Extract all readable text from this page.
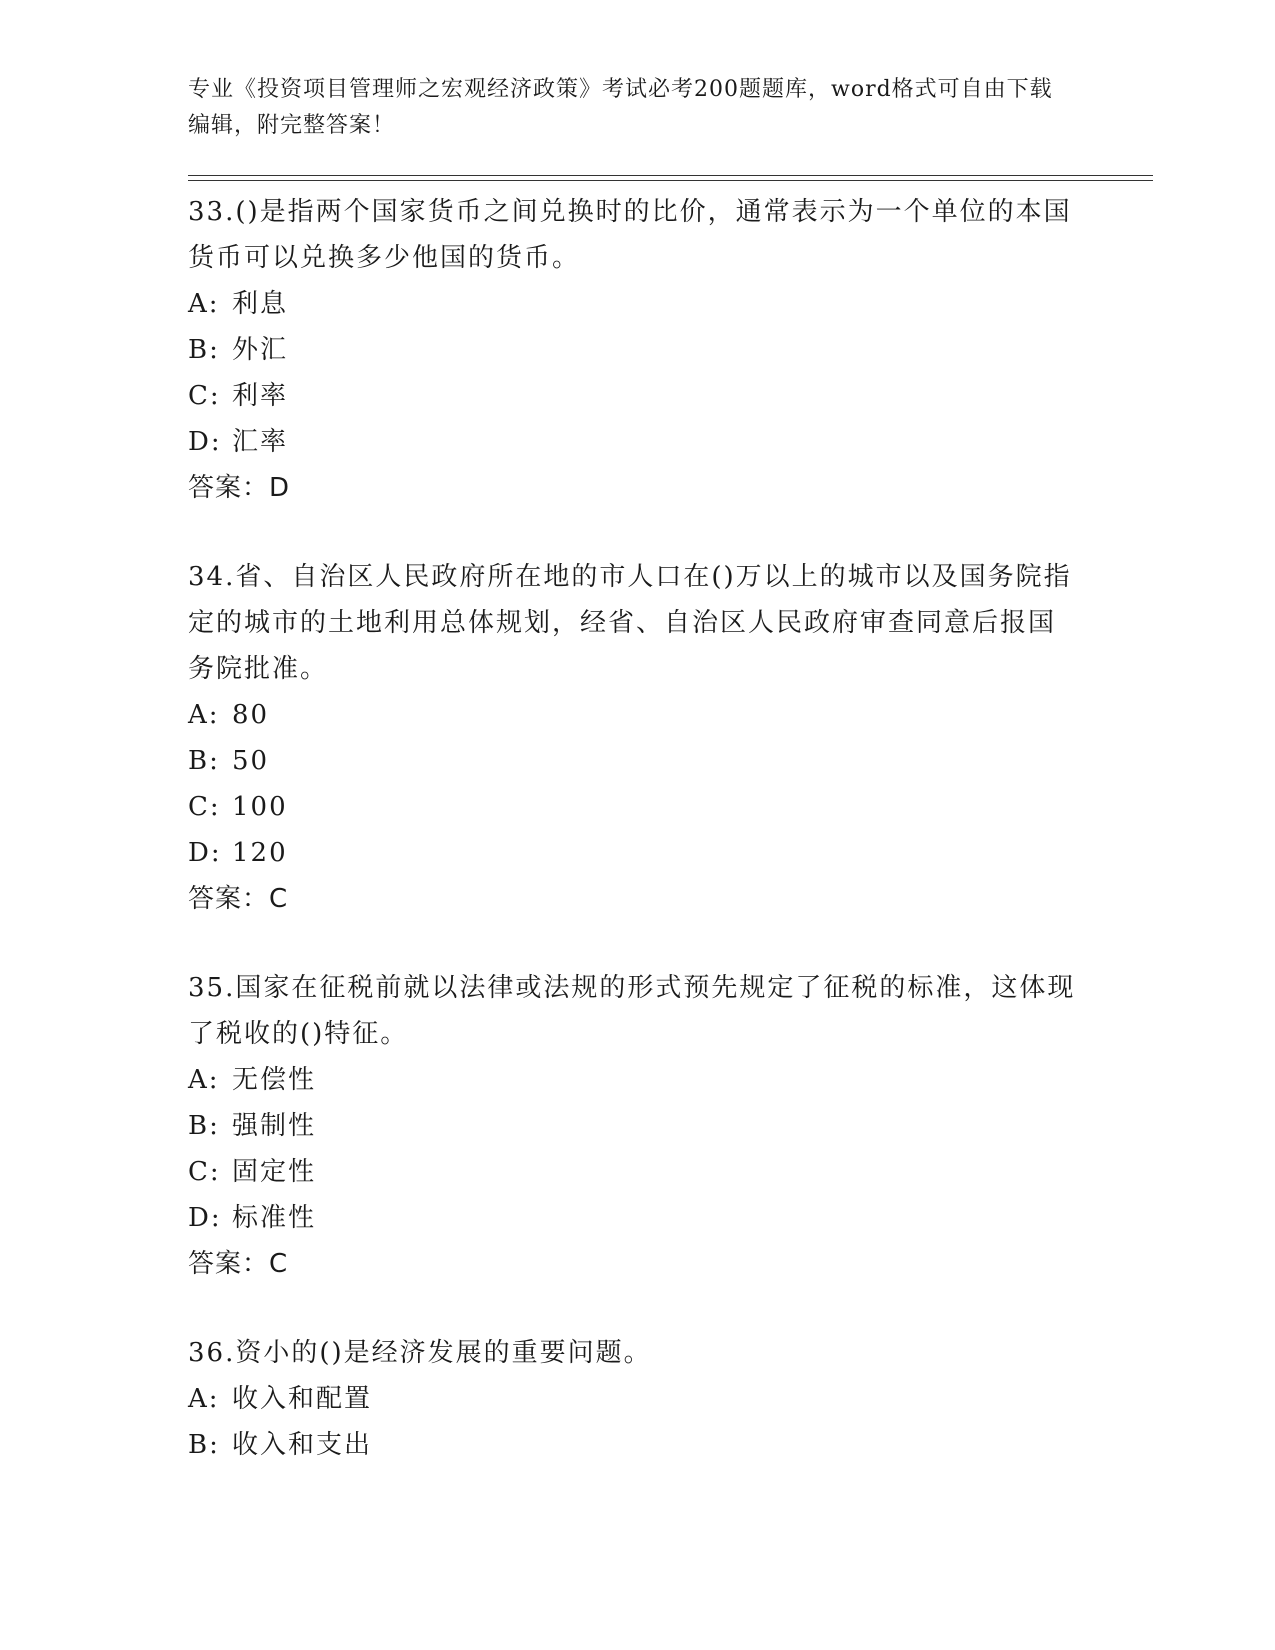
专业《投资项目管理师之宏观经济政策》考试必考200题题库，word格式可自由下载编辑，附完整答案！

33.()是指两个国家货币之间兑换时的比价，通常表示为一个单位的本国货币可以兑换多少他国的货币。

A: 利息

B: 外汇

C: 利率

D: 汇率

答案：D

34.省、自治区人民政府所在地的市人口在()万以上的城市以及国务院指定的城市的土地利用总体规划，经省、自治区人民政府审查同意后报国务院批准。

A: 80

B: 50

C: 100

D: 120

答案：C

35.国家在征税前就以法律或法规的形式预先规定了征税的标准，这体现了税收的()特征。

A: 无偿性

B: 强制性

C: 固定性

D: 标准性

答案：C

36.资小的()是经济发展的重要问题。

A: 收入和配置

B: 收入和支出
